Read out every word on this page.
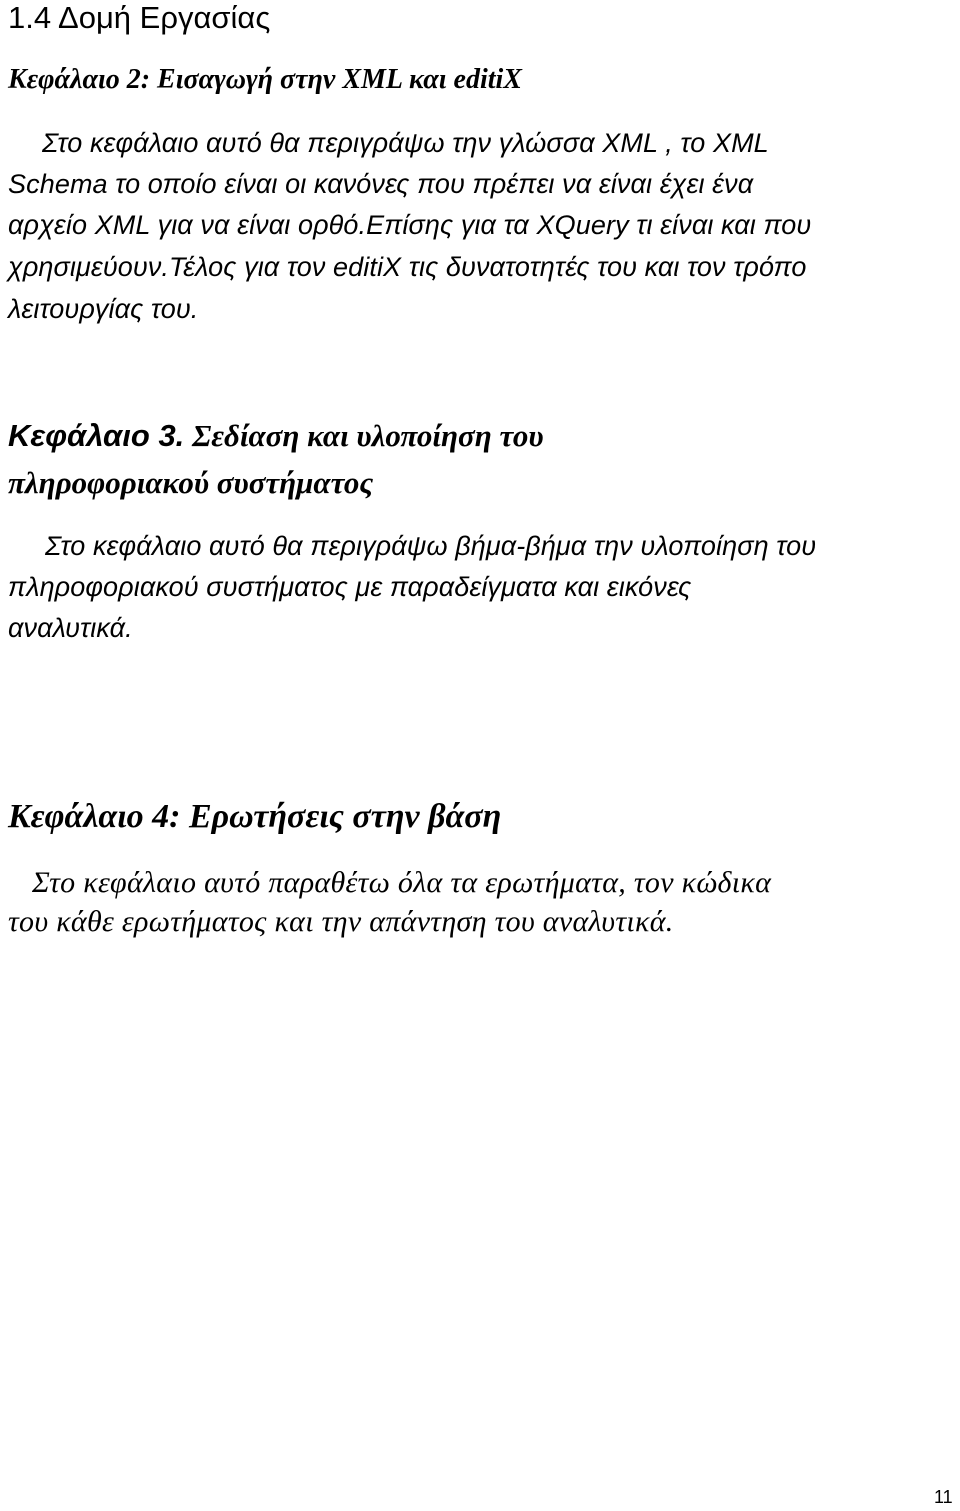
1.4 Δομή Εργασίας
Κεφάλαιο 2: Εισαγωγή στην XML και editiX
Στο κεφάλαιο αυτό θα περιγράψω την γλώσσα XML , το XML
Schema το οποίο είναι οι κανόνες που πρέπει να είναι έχει ένα
αρχείο XML για να είναι ορθό.Επίσης για τα XQuery τι είναι και που
χρησιμεύουν.Τέλος για τον editiX τις δυνατοτητές του και τον τρόπο
λειτουργίας του.
Κεφάλαιο 3. Σεδίαση και υλοποίηση του
πληροφοριακού συστήματος
Στο κεφάλαιο αυτό θα περιγράψω βήμα-βήμα την υλοποίηση του
πληροφοριακού συστήματος με παραδείγματα και εικόνες
αναλυτικά.
Κεφάλαιο 4: Ερωτήσεις στην βάση
Στο κεφάλαιο αυτό παραθέτω όλα τα ερωτήματα, τον κώδικα
του κάθε ερωτήματος και την απάντηση του αναλυτικά.
11
